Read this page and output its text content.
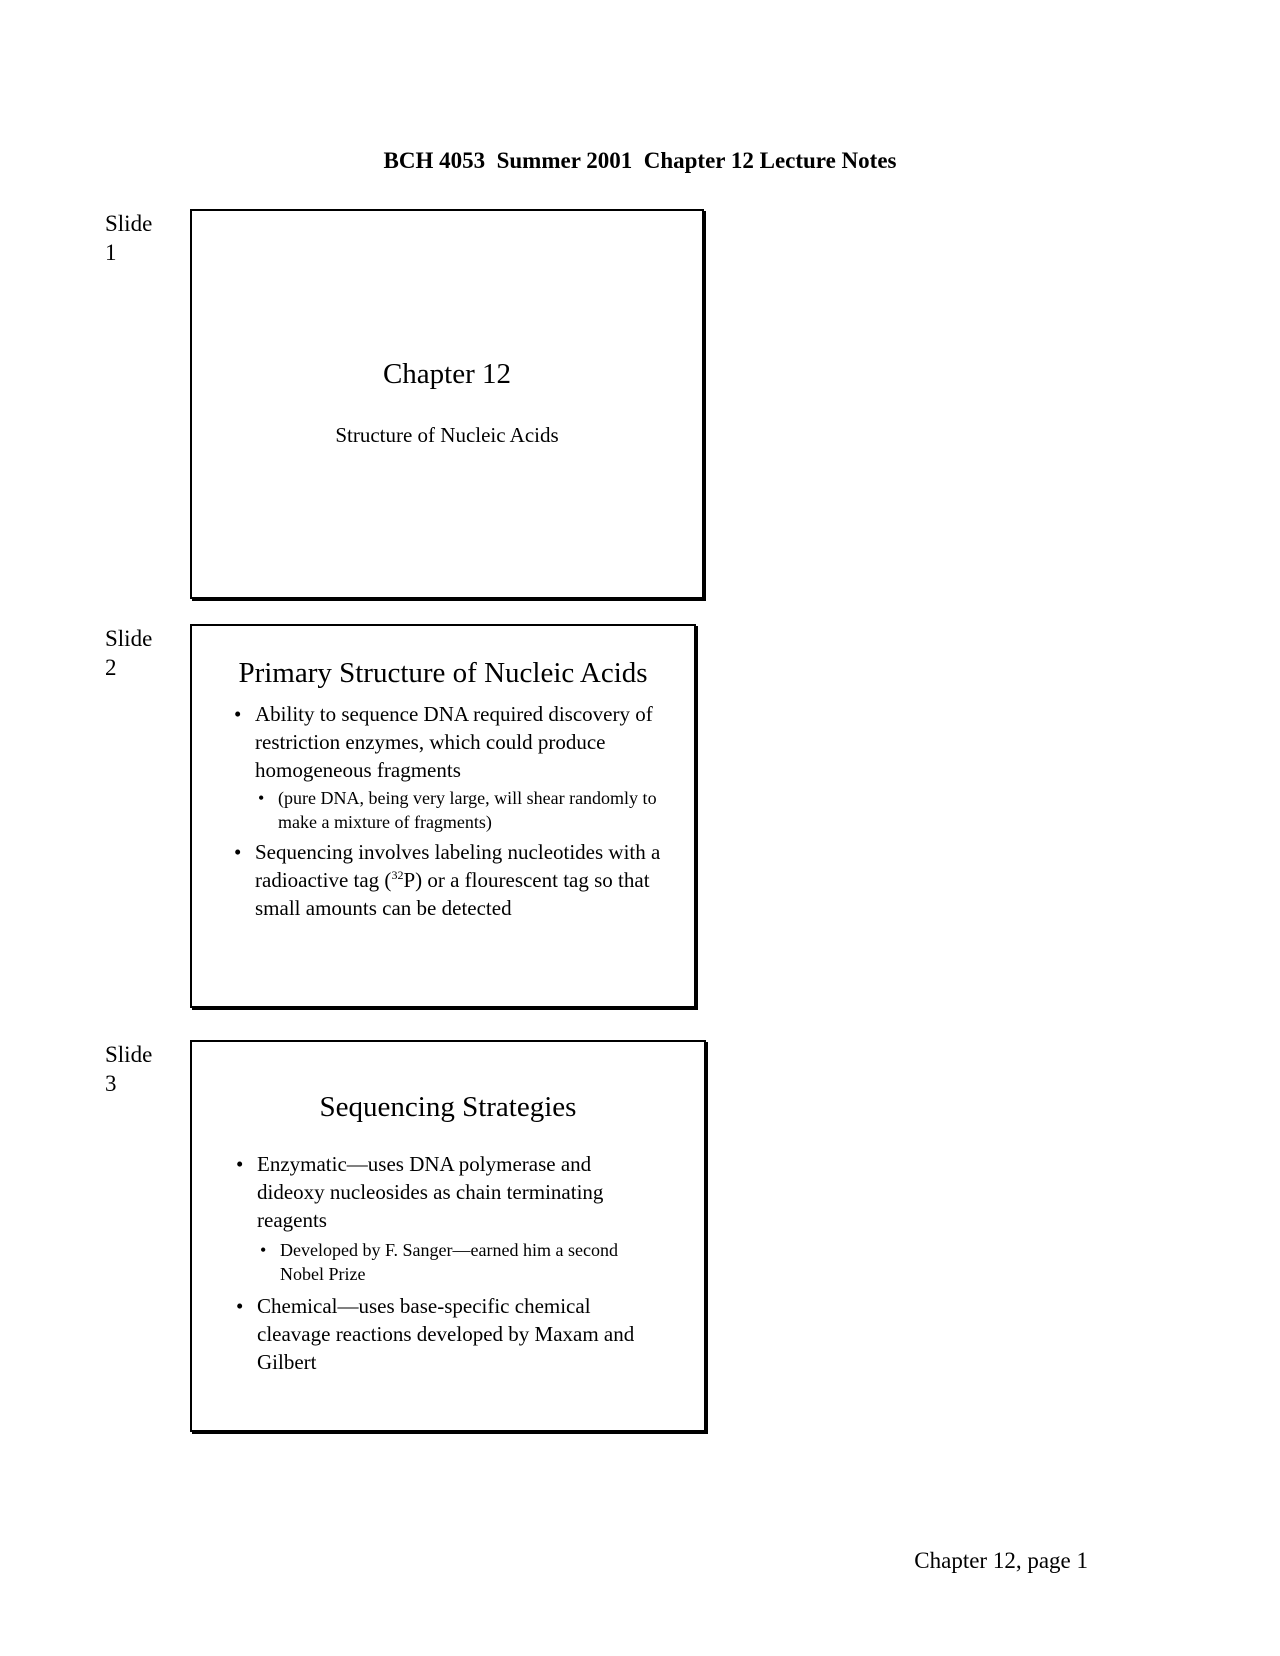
BCH 4053  Summer 2001  Chapter 12 Lecture Notes
Slide
1
Chapter 12
Structure of Nucleic Acids
Slide
2	Primary Structure of Nucleic Acids
• Ability to sequence DNA required discovery of restriction enzymes, which could produce homogeneous fragments
• (pure DNA, being very large, will shear randomly to make a mixture of fragments)
• Sequencing involves labeling nucleotides with a radioactive tag ($^{32}$P) or a flourescent tag so that small amounts can be detected
Slide
3
Sequencing Strategies
• Enzymatic—uses DNA polymerase and dideoxy nucleosides as chain terminating reagents
• Developed by F. Sanger—earned him a second Nobel Prize
• Chemical—uses base-specific chemical cleavage reactions developed by Maxam and Gilbert
Chapter 12, page 1
